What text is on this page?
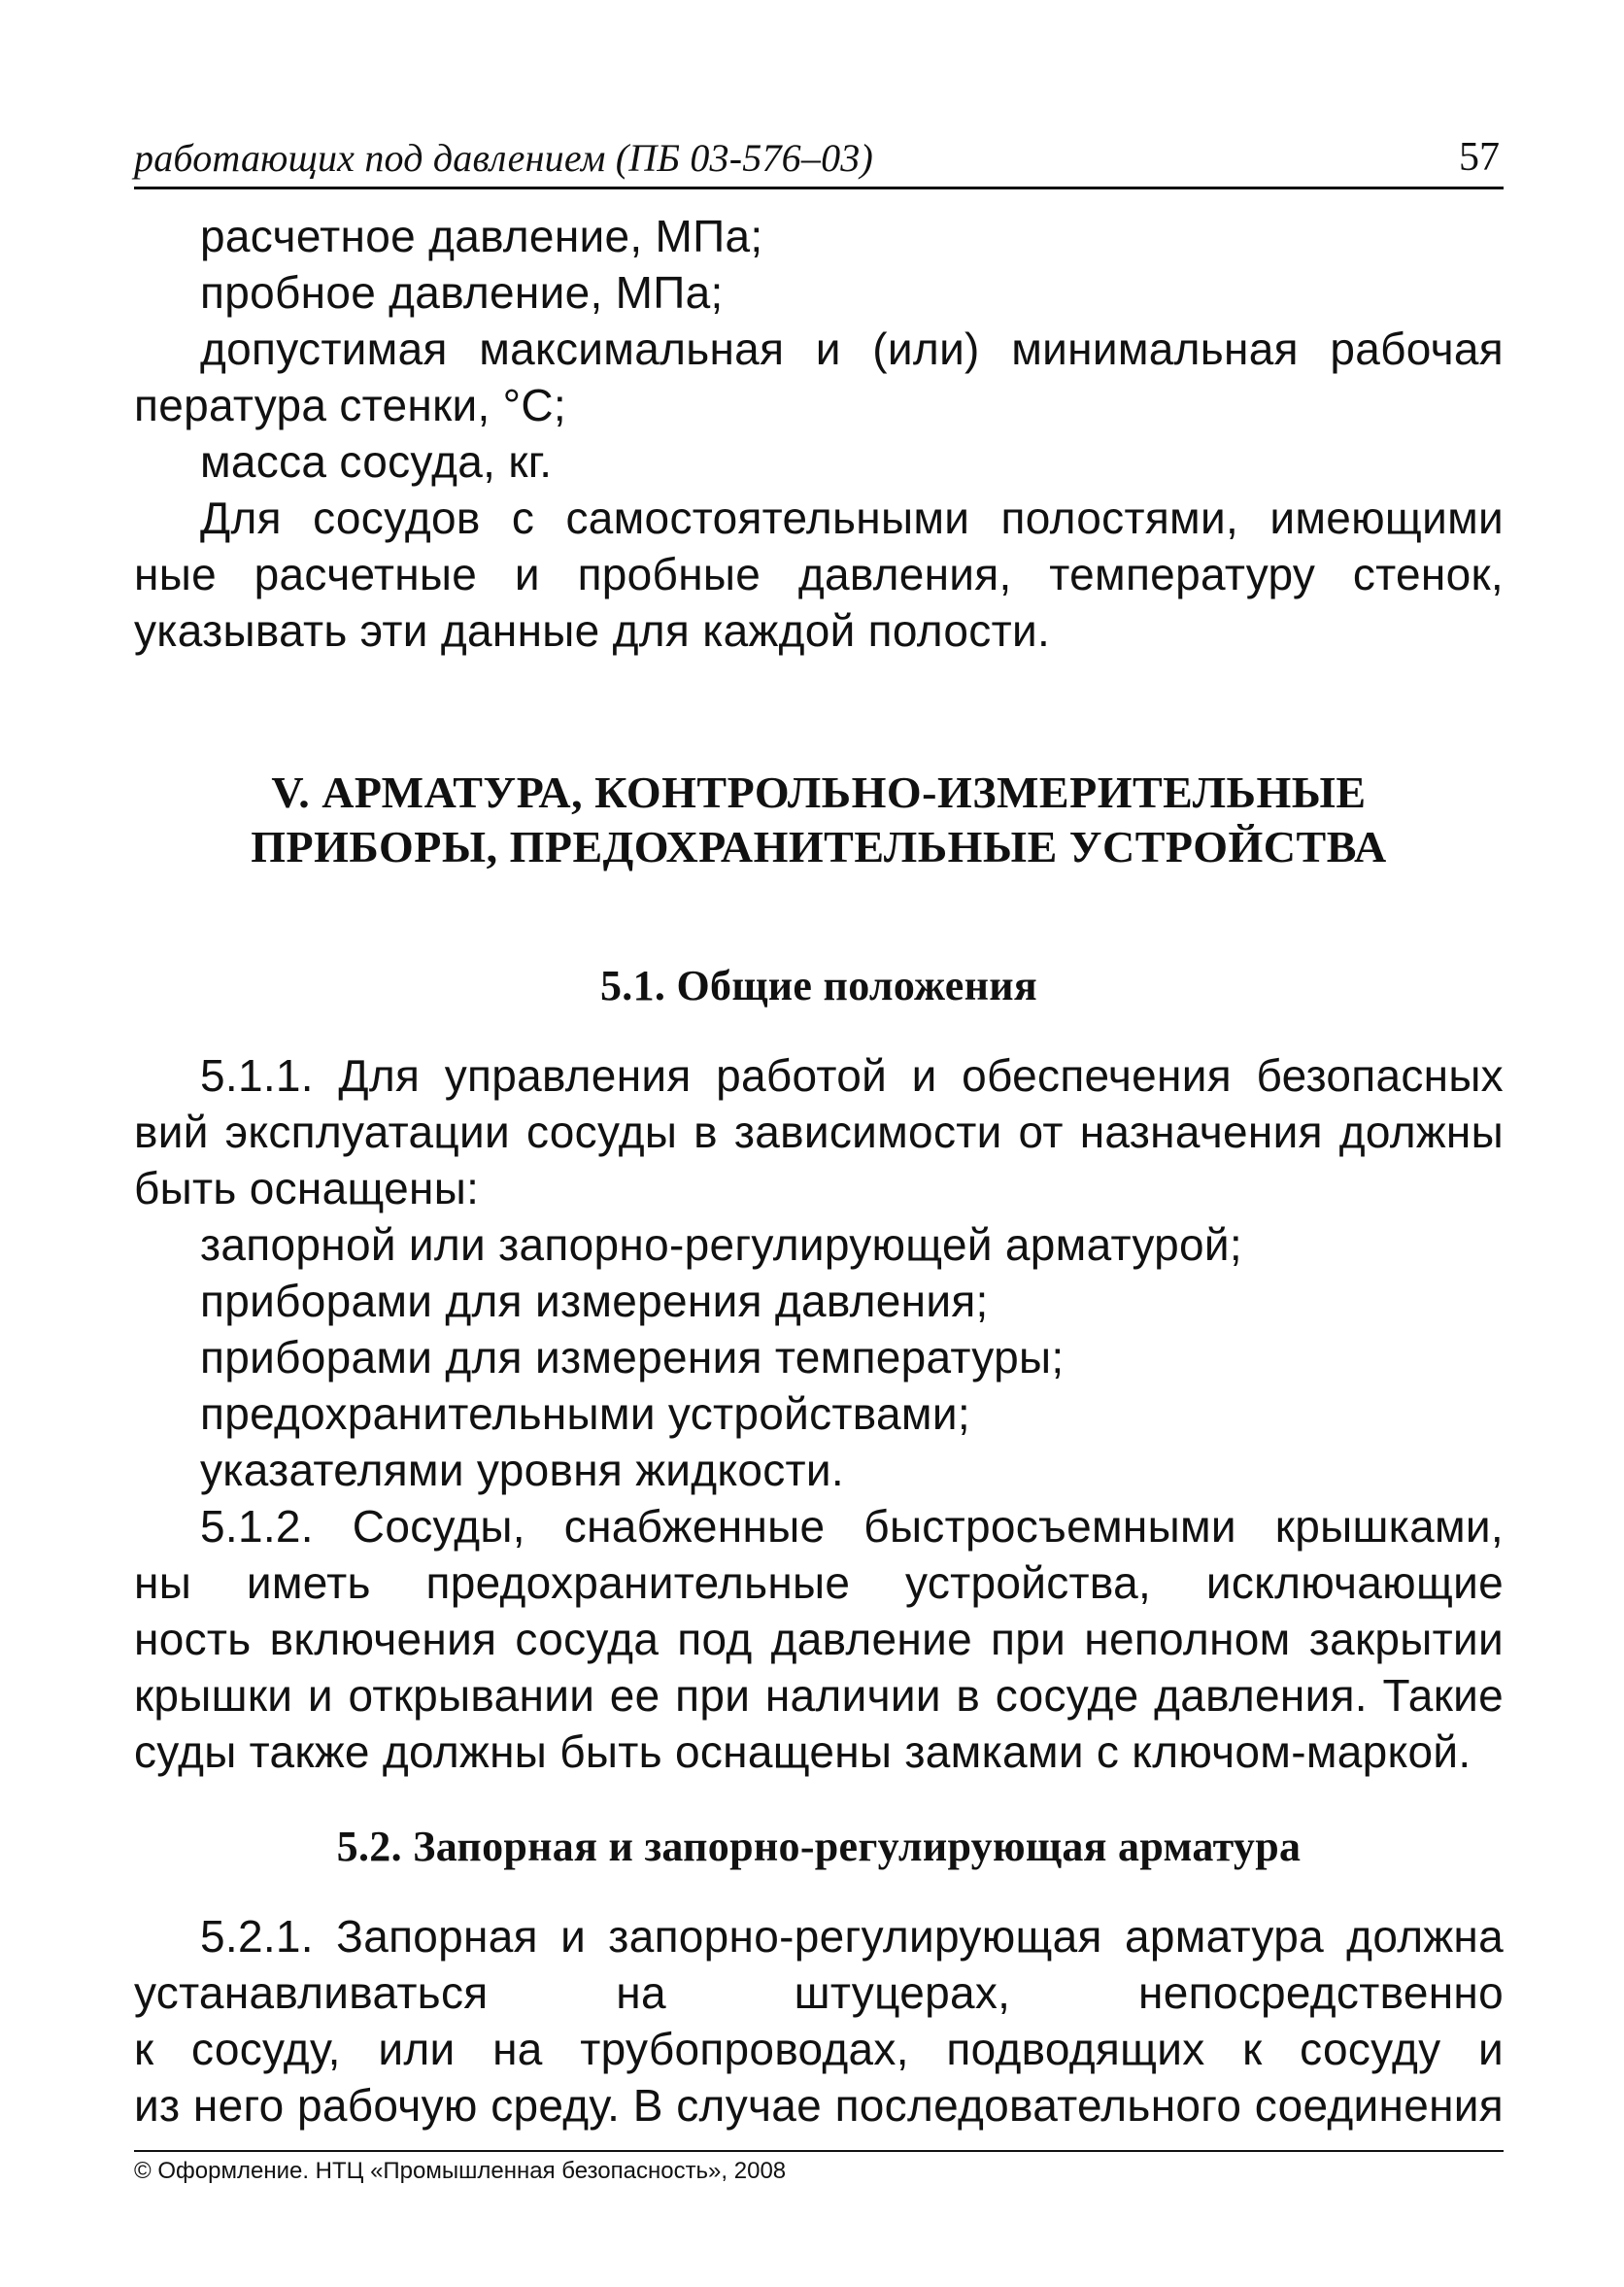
работающих под давлением (ПБ 03-576–03)	57
расчетное давление, МПа;
пробное давление, МПа;
допустимая максимальная и (или) минимальная рабочая
пература стенки, °С;
масса сосуда, кг.
Для сосудов с самостоятельными полостями, имеющими
ные расчетные и пробные давления, температуру стенок,
указывать эти данные для каждой полости.
V. АРМАТУРА, КОНТРОЛЬНО-ИЗМЕРИТЕЛЬНЫЕ
ПРИБОРЫ, ПРЕДОХРАНИТЕЛЬНЫЕ УСТРОЙСТВА
5.1. Общие положения
5.1.1. Для управления работой и обеспечения безопасных
вий эксплуатации сосуды в зависимости от назначения должны
быть оснащены:
запорной или запорно-регулирующей арматурой;
приборами для измерения давления;
приборами для измерения температуры;
предохранительными устройствами;
указателями уровня жидкости.
5.1.2. Сосуды, снабженные быстросъемными крышками,
ны иметь предохранительные устройства, исключающие
ность включения сосуда под давление при неполном закрытии
крышки и открывании ее при наличии в сосуде давления. Такие
суды также должны быть оснащены замками с ключом-маркой.
5.2. Запорная и запорно-регулирующая арматура
5.2.1. Запорная и запорно-регулирующая арматура должна
устанавливаться на штуцерах, непосредственно
к сосуду, или на трубопроводах, подводящих к сосуду и
из него рабочую среду. В случае последовательного соединения
© Оформление. НТЦ «Промышленная безопасность», 2008
